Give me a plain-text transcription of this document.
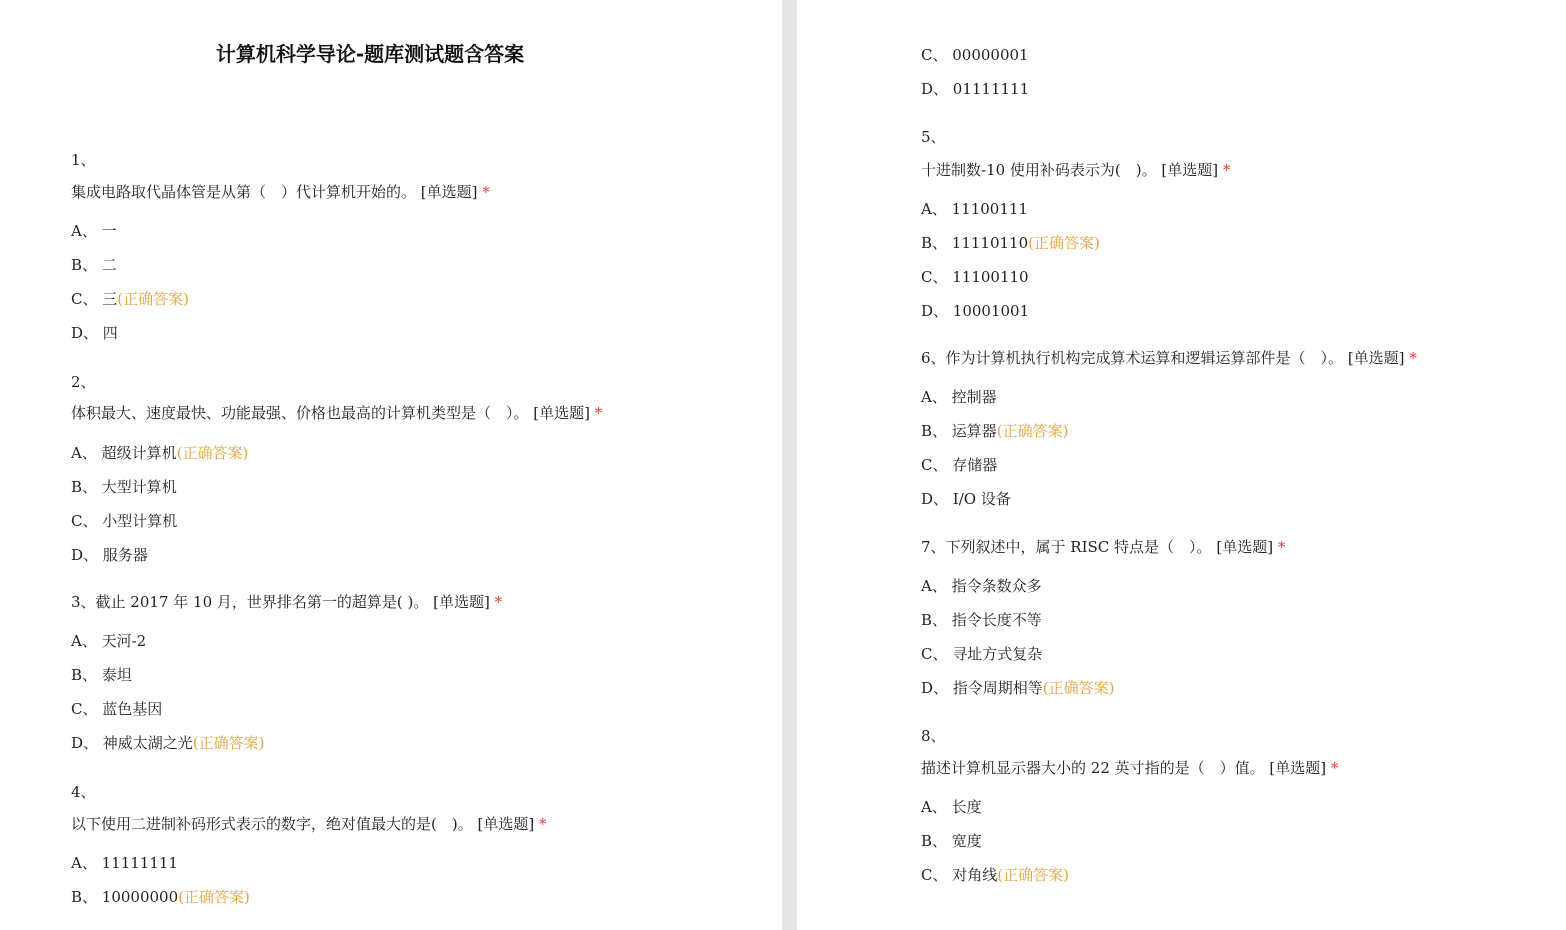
计算机科学导论-题库测试题含答案
1、
集成电路取代晶体管是从第（　）代计算机开始的。 [单选题] *
A、 一
B、 二
C、 三(正确答案)
D、 四
2、
体积最大、速度最快、功能最强、价格也最高的计算机类型是（　）。 [单选题] *
A、 超级计算机(正确答案)
B、 大型计算机
C、 小型计算机
D、 服务器
3、截止 2017 年 10 月，世界排名第一的超算是( )。 [单选题] *
A、 天河-2
B、 泰坦
C、 蓝色基因
D、 神威太湖之光(正确答案)
4、
以下使用二进制补码形式表示的数字，绝对值最大的是(　)。 [单选题] *
A、 11111111
B、 10000000(正确答案)
C、 00000001
D、 01111111
5、
十进制数-10 使用补码表示为(　)。 [单选题] *
A、 11100111
B、 11110110(正确答案)
C、 11100110
D、 10001001
6、作为计算机执行机构完成算术运算和逻辑运算部件是（　）。 [单选题] *
A、 控制器
B、 运算器(正确答案)
C、 存储器
D、 I/O 设备
7、下列叙述中，属于 RISC 特点是（　）。 [单选题] *
A、 指令条数众多
B、 指令长度不等
C、 寻址方式复杂
D、 指令周期相等(正确答案)
8、
描述计算机显示器大小的 22 英寸指的是（　）值。 [单选题] *
A、 长度
B、 宽度
C、 对角线(正确答案)
